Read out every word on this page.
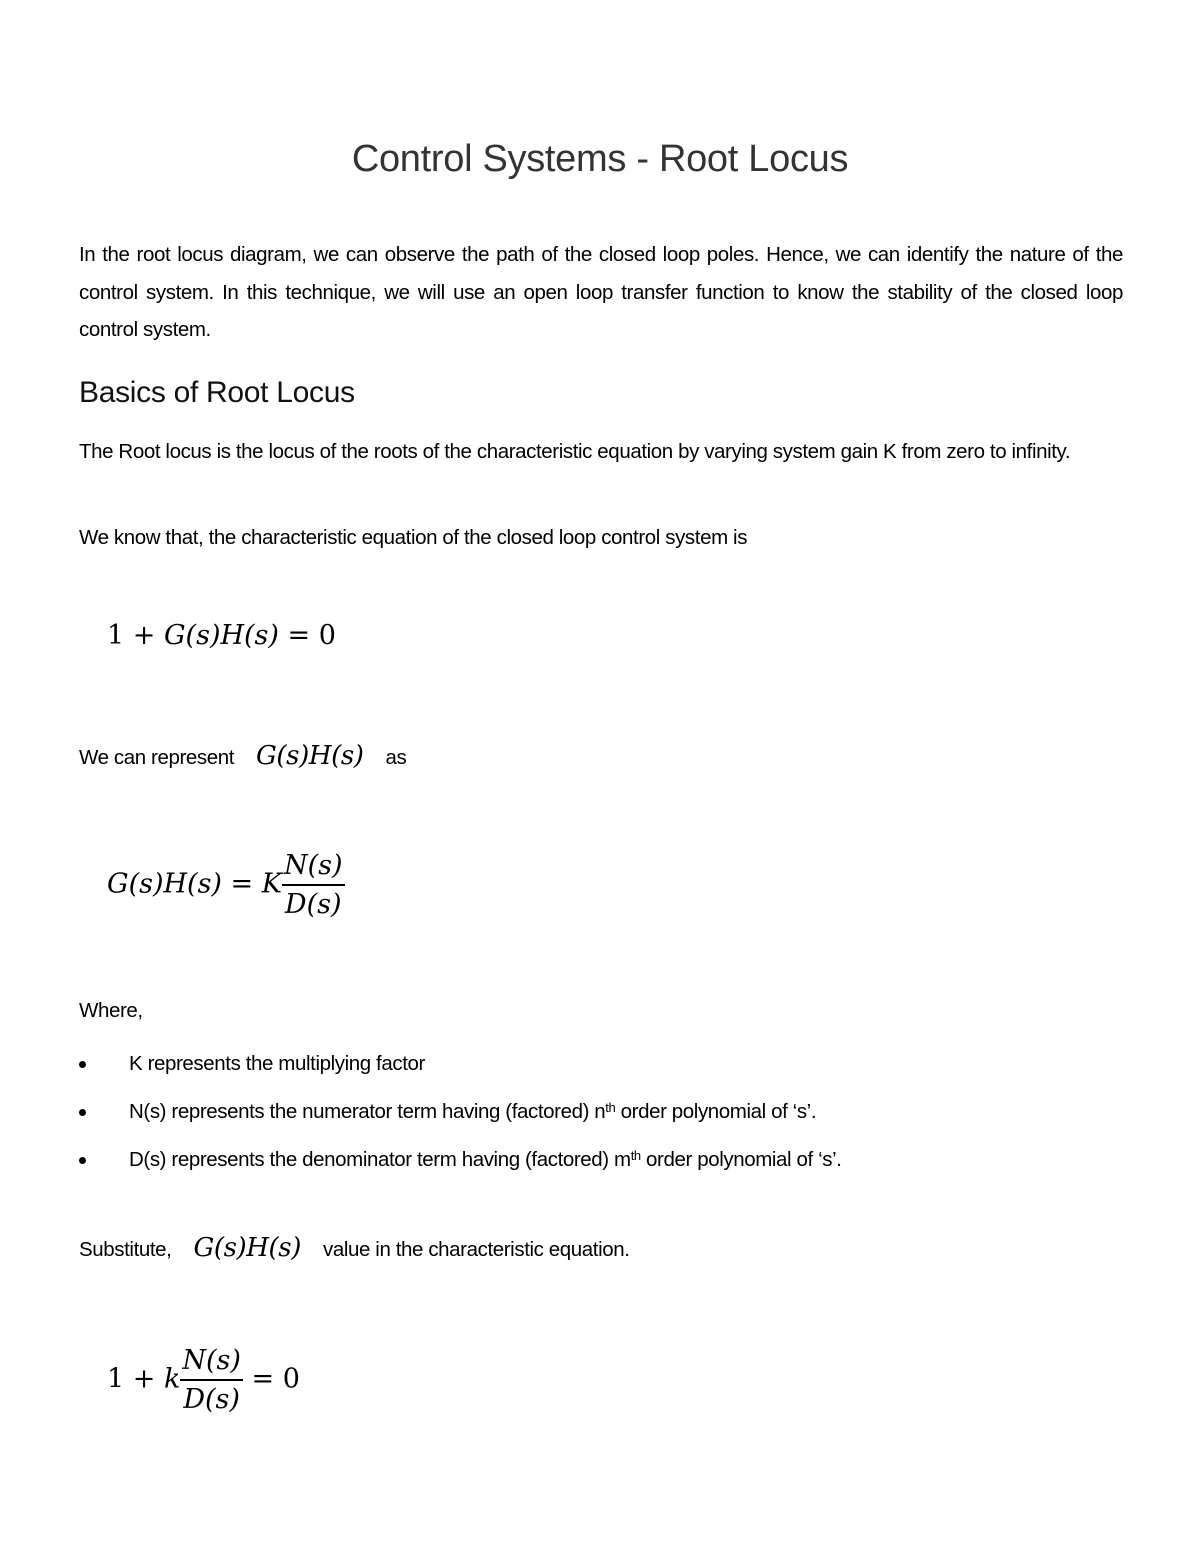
Control Systems - Root Locus

In the root locus diagram, we can observe the path of the closed loop poles. Hence, we can identify the nature of the control system. In this technique, we will use an open loop transfer function to know the stability of the closed loop control system.

Basics of Root Locus

The Root locus is the locus of the roots of the characteristic equation by varying system gain K from zero to infinity.

We know that, the characteristic equation of the closed loop control system is

1 + G(s)H(s) = 0

We can represent G(s)H(s) as

G(s)H(s) = K $\frac{N(s)}{D(s)}$

Where,

K represents the multiplying factor
N(s) represents the numerator term having (factored) $n^{th}$ order polynomial of ‘s’.
D(s) represents the denominator term having (factored) $m^{th}$ order polynomial of ‘s’.

Substitute, G(s)H(s) value in the characteristic equation.

1 + k $\frac{N(s)}{D(s)} = 0$
